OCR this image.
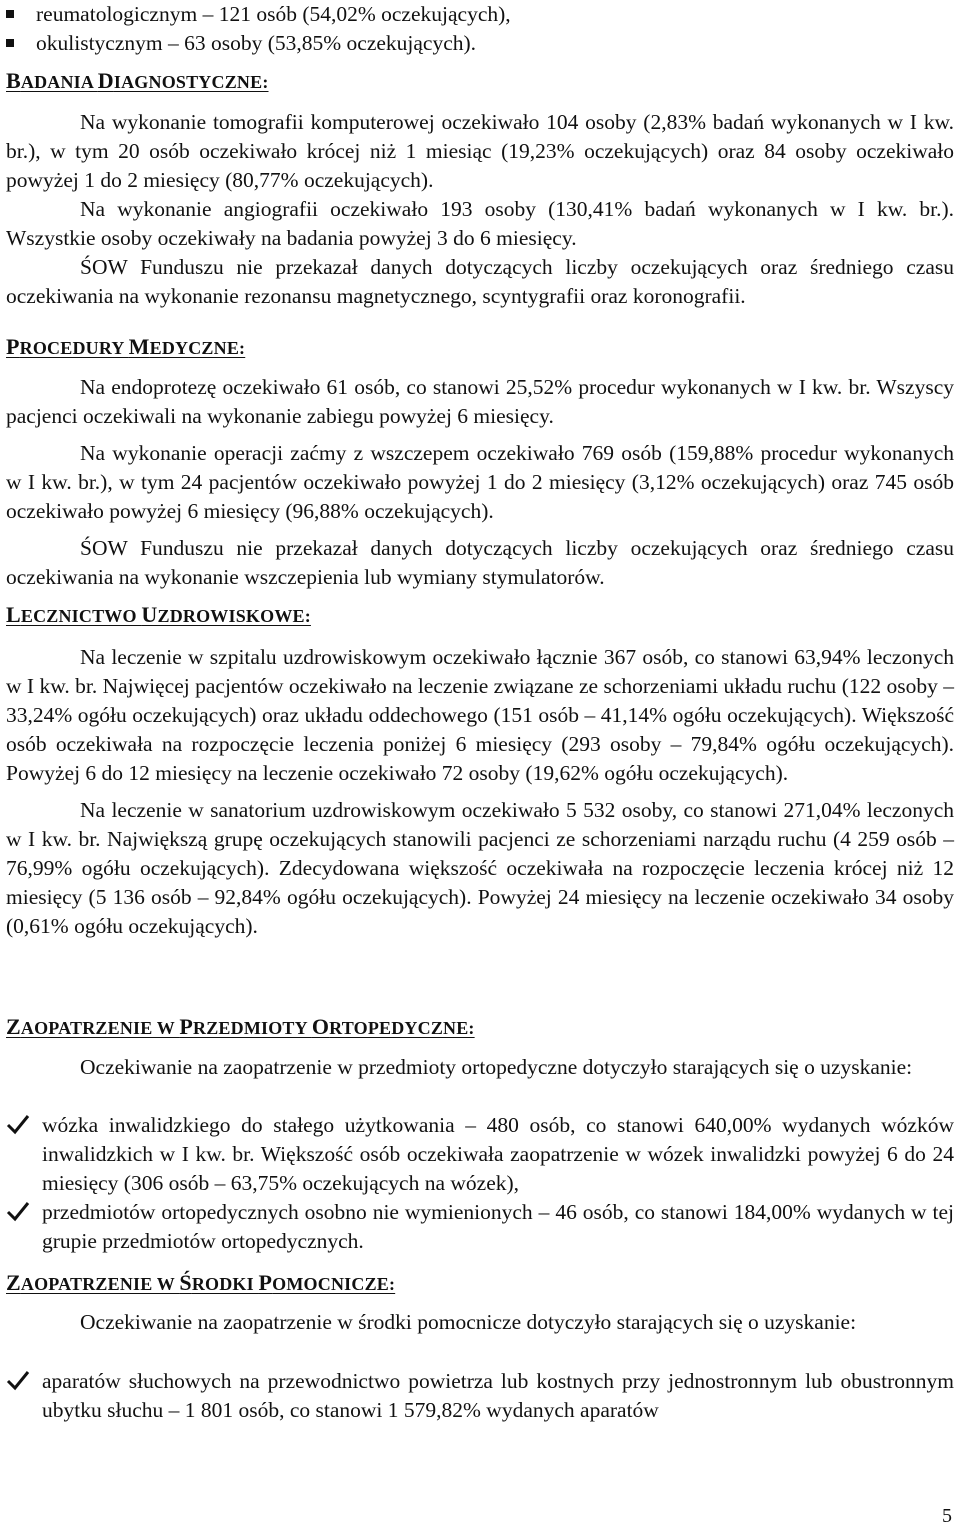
reumatologicznym – 121 osób (54,02% oczekujących),
okulistycznym – 63 osoby (53,85% oczekujących).
BADANIA DIAGNOSTYCZNE:

Na wykonanie tomografii komputerowej oczekiwało 104 osoby (2,83% badań wykonanych w I kw. br.), w tym 20 osób oczekiwało krócej niż 1 miesiąc (19,23% oczekujących) oraz 84 osoby oczekiwało powyżej 1 do 2 miesięcy (80,77% oczekujących).

Na wykonanie angiografii oczekiwało 193 osoby (130,41% badań wykonanych w I kw. br.). Wszystkie osoby oczekiwały na badania powyżej 3 do 6 miesięcy.

ŚOW Funduszu nie przekazał danych dotyczących liczby oczekujących oraz średniego czasu oczekiwania na wykonanie rezonansu magnetycznego, scyntygrafii oraz koronografii.

PROCEDURY MEDYCZNE:

Na endoprotezę oczekiwało 61 osób, co stanowi 25,52% procedur wykonanych w I kw. br. Wszyscy pacjenci oczekiwali na wykonanie zabiegu powyżej 6 miesięcy.

Na wykonanie operacji zaćmy z wszczepem oczekiwało 769 osób (159,88% procedur wykonanych w I kw. br.), w tym 24 pacjentów oczekiwało powyżej 1 do 2 miesięcy (3,12% oczekujących) oraz 745 osób oczekiwało powyżej 6 miesięcy (96,88% oczekujących).

ŚOW Funduszu nie przekazał danych dotyczących liczby oczekujących oraz średniego czasu oczekiwania na wykonanie wszczepienia lub wymiany stymulatorów.

LECZNICTWO UZDROWISKOWE:

Na leczenie w szpitalu uzdrowiskowym oczekiwało łącznie 367 osób, co stanowi 63,94% leczonych w I kw. br. Najwięcej pacjentów oczekiwało na leczenie związane ze schorzeniami układu ruchu (122 osoby – 33,24% ogółu oczekujących) oraz układu oddechowego (151 osób – 41,14% ogółu oczekujących). Większość osób oczekiwała na rozpoczęcie leczenia poniżej 6 miesięcy (293 osoby – 79,84% ogółu oczekujących). Powyżej 6 do 12 miesięcy na leczenie oczekiwało 72 osoby (19,62% ogółu oczekujących).

Na leczenie w sanatorium uzdrowiskowym oczekiwało 5 532 osoby, co stanowi 271,04% leczonych w I kw. br. Największą grupę oczekujących stanowili pacjenci ze schorzeniami narządu ruchu (4 259 osób – 76,99% ogółu oczekujących). Zdecydowana większość oczekiwała na rozpoczęcie leczenia krócej niż 12 miesięcy (5 136 osób – 92,84% ogółu oczekujących). Powyżej 24 miesięcy na leczenie oczekiwało 34 osoby (0,61% ogółu oczekujących).

ZAOPATRZENIE W PRZEDMIOTY ORTOPEDYCZNE:

Oczekiwanie na zaopatrzenie w przedmioty ortopedyczne dotyczyło starających się o uzyskanie:

wózka inwalidzkiego do stałego użytkowania – 480 osób, co stanowi 640,00% wydanych wózków inwalidzkich w I kw. br. Większość osób oczekiwała zaopatrzenie w wózek inwalidzki powyżej 6 do 24 miesięcy (306 osób – 63,75% oczekujących na wózek),

przedmiotów ortopedycznych osobno nie wymienionych – 46 osób, co stanowi 184,00% wydanych w tej grupie przedmiotów ortopedycznych.

ZAOPATRZENIE W ŚRODKI POMOCNICZE:

Oczekiwanie na zaopatrzenie w środki pomocnicze dotyczyło starających się o uzyskanie:

aparatów słuchowych na przewodnictwo powietrza lub kostnych przy jednostronnym lub obustronnym ubytku słuchu – 1 801 osób, co stanowi 1 579,82% wydanych aparatów

5
